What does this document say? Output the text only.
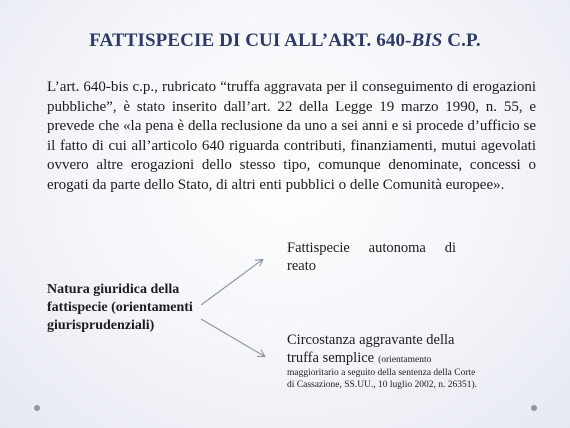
FATTISPECIE DI CUI ALL’ART. 640-BIS C.P.
L’art. 640-bis c.p., rubricato “truffa aggravata per il conseguimento di erogazioni pubbliche”, è stato inserito dall’art. 22 della Legge 19 marzo 1990, n. 55, e prevede che «la pena è della reclusione da uno a sei anni e si procede d’ufficio se il fatto di cui all’articolo 640 riguarda contributi, finanziamenti, mutui agevolati ovvero altre erogazioni dello stesso tipo, comunque denominate, concessi o erogati da parte dello Stato, di altri enti pubblici o delle Comunità europee».
Natura giuridica della fattispecie (orientamenti giurisprudenziali)
Fattispecie autonoma di reato
Circostanza aggravante della
truffa semplice (orientamento
maggioritario a seguito della sentenza della Corte
di Cassazione, SS.UU., 10 luglio 2002, n. 26351).
